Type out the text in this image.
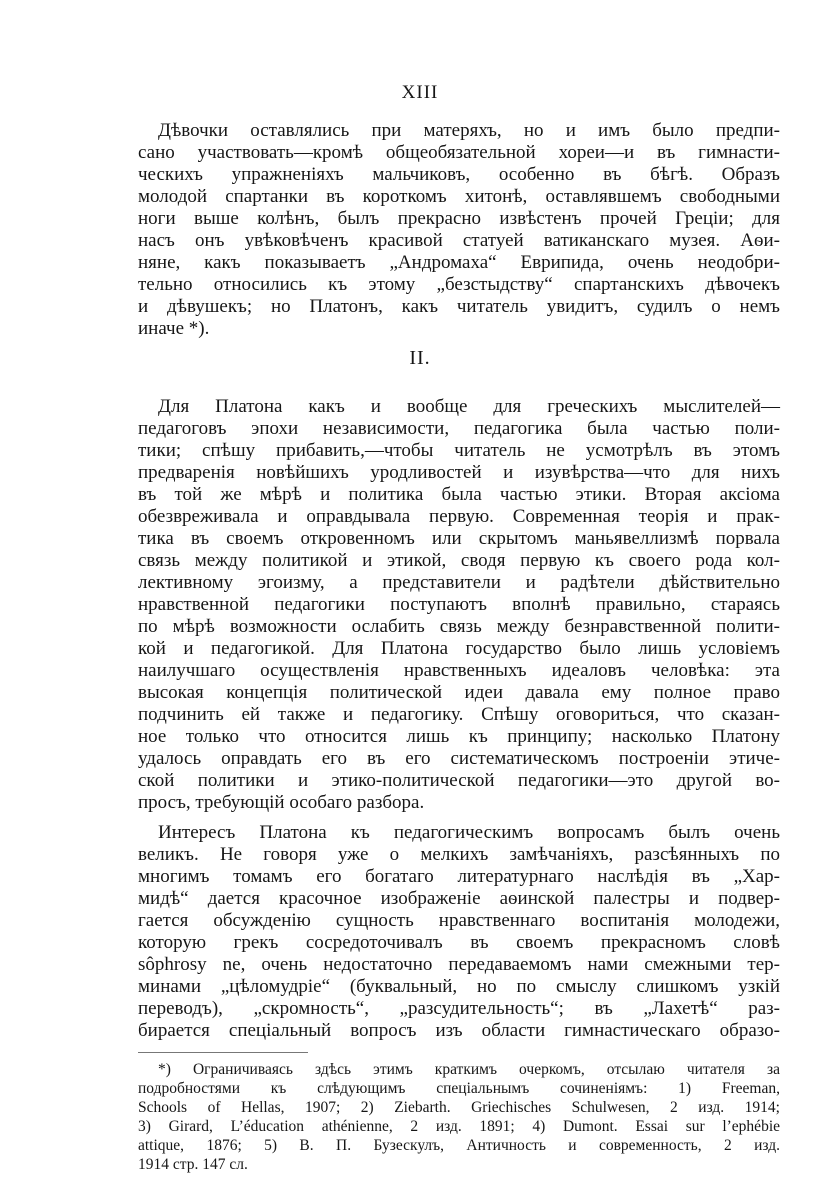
XIII

Дѣвочки оставлялись при матеряхъ, но и имъ было предпи-

сано участвовать—кромѣ общеобязательной хореи—и въ гимнасти-

ческихъ упражненіяхъ мальчиковъ, особенно въ бѣгѣ. Образъ

молодой спартанки въ короткомъ хитонѣ, оставлявшемъ свободными

ноги выше колѣнъ, былъ прекрасно извѣстенъ прочей Греціи; для

насъ онъ увѣковѣченъ красивой статуей ватиканскаго музея. Аѳи-

няне, какъ показываетъ „Андромаха“ Еврипида, очень неодобри-

тельно относились къ этому „безстыдству“ спартанскихъ дѣвочекъ

и дѣвушекъ; но Платонъ, какъ читатель увидитъ, судилъ о немъ

иначе *).

II.

Для Платона какъ и вообще для греческихъ мыслителей—

педагоговъ эпохи независимости, педагогика была частью поли-

тики; спѣшу прибавить,—чтобы читатель не усмотрѣлъ въ этомъ

предваренія новѣйшихъ уродливостей и изувѣрства—что для нихъ

въ той же мѣрѣ и политика была частью этики. Вторая аксіома

обезвреживала и оправдывала первую. Современная теорія и прак-

тика въ своемъ откровенномъ или скрытомъ маньявеллизмѣ порвала

связь между политикой и этикой, сводя первую къ своего рода кол-

лективному эгоизму, а представители и радѣтели дѣйствительно

нравственной педагогики поступаютъ вполнѣ правильно, стараясь

по мѣрѣ возможности ослабить связь между безнравственной полити-

кой и педагогикой. Для Платона государство было лишь условіемъ

наилучшаго осуществленія нравственныхъ идеаловъ человѣка: эта

высокая концепція политической идеи давала ему полное право

подчинить ей также и педагогику. Спѣшу оговориться, что сказан-

ное только что относится лишь къ принципу; насколько Платону

удалось оправдать его въ его систематическомъ построеніи этиче-

ской политики и этико-политической педагогики—это другой во-

просъ, требующій особаго разбора.

Интересъ Платона къ педагогическимъ вопросамъ былъ очень

великъ. Не говоря уже о мелкихъ замѣчаніяхъ, разсѣянныхъ по

многимъ томамъ его богатаго литературнаго наслѣдія въ „Хар-

мидѣ“ дается красочное изображеніе аѳинской палестры и подвер-

гается обсужденію сущность нравственнаго воспитанія молодежи,

которую грекъ сосредоточивалъ въ своемъ прекрасномъ словѣ

sôphrosy ne, очень недостаточно передаваемомъ нами смежными тер-

минами „цѣломудріе“ (буквальный, но по смыслу слишкомъ узкій

переводъ), „скромность“, „разсудительность“; въ „Лахетѣ“ раз-

бирается спеціальный вопросъ изъ области гимнастическаго образо-

*) Ограничиваясь здѣсь этимъ краткимъ очеркомъ, отсылаю читателя за

подробностями къ слѣдующимъ спеціальнымъ сочиненіямъ: 1) Freeman,

Schools of Hellas, 1907; 2) Ziebarth. Griechisches Schulwesen, 2 изд. 1914;

3) Girard, L’éducation athénienne, 2 изд. 1891; 4) Dumont. Essai sur l’ephébie

attique, 1876; 5) В. П. Бузескулъ, Античность и современность, 2 изд.

1914 стр. 147 сл.
